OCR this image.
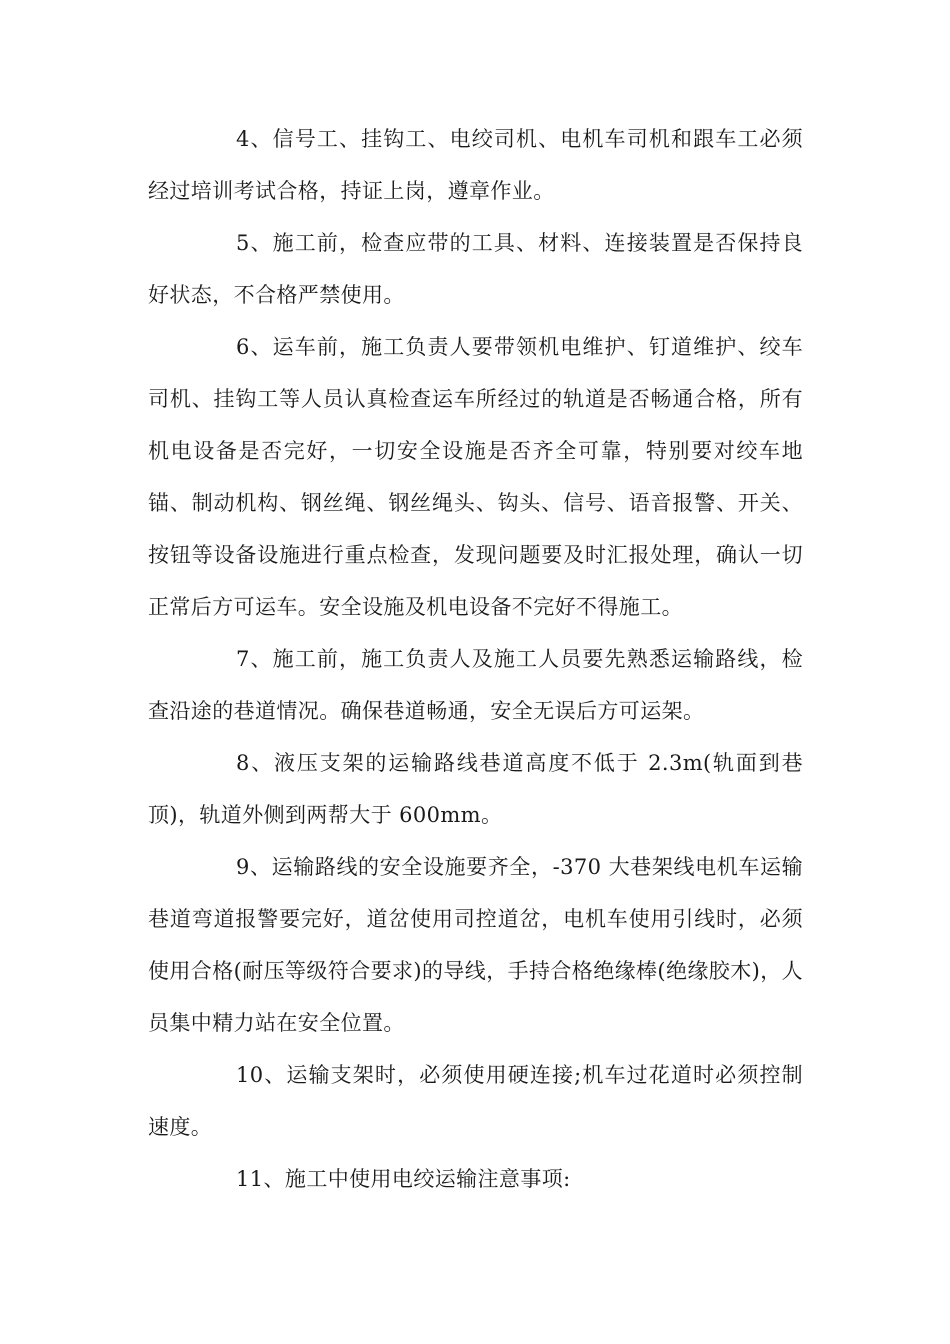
4、信号工、挂钩工、电绞司机、电机车司机和跟车工必须经过培训考试合格，持证上岗，遵章作业。

5、施工前，检查应带的工具、材料、连接装置是否保持良好状态，不合格严禁使用。

6、运车前，施工负责人要带领机电维护、钉道维护、绞车司机、挂钩工等人员认真检查运车所经过的轨道是否畅通合格，所有机电设备是否完好，一切安全设施是否齐全可靠，特别要对绞车地锚、制动机构、钢丝绳、钢丝绳头、钩头、信号、语音报警、开关、按钮等设备设施进行重点检查，发现问题要及时汇报处理，确认一切正常后方可运车。安全设施及机电设备不完好不得施工。

7、施工前，施工负责人及施工人员要先熟悉运输路线，检查沿途的巷道情况。确保巷道畅通，安全无误后方可运架。

8、液压支架的运输路线巷道高度不低于 2.3m(轨面到巷顶)，轨道外侧到两帮大于 600mm。

9、运输路线的安全设施要齐全，-370 大巷架线电机车运输巷道弯道报警要完好，道岔使用司控道岔，电机车使用引线时，必须使用合格(耐压等级符合要求)的导线，手持合格绝缘棒(绝缘胶木)，人员集中精力站在安全位置。

10、运输支架时，必须使用硬连接;机车过花道时必须控制速度。

11、施工中使用电绞运输注意事项:
